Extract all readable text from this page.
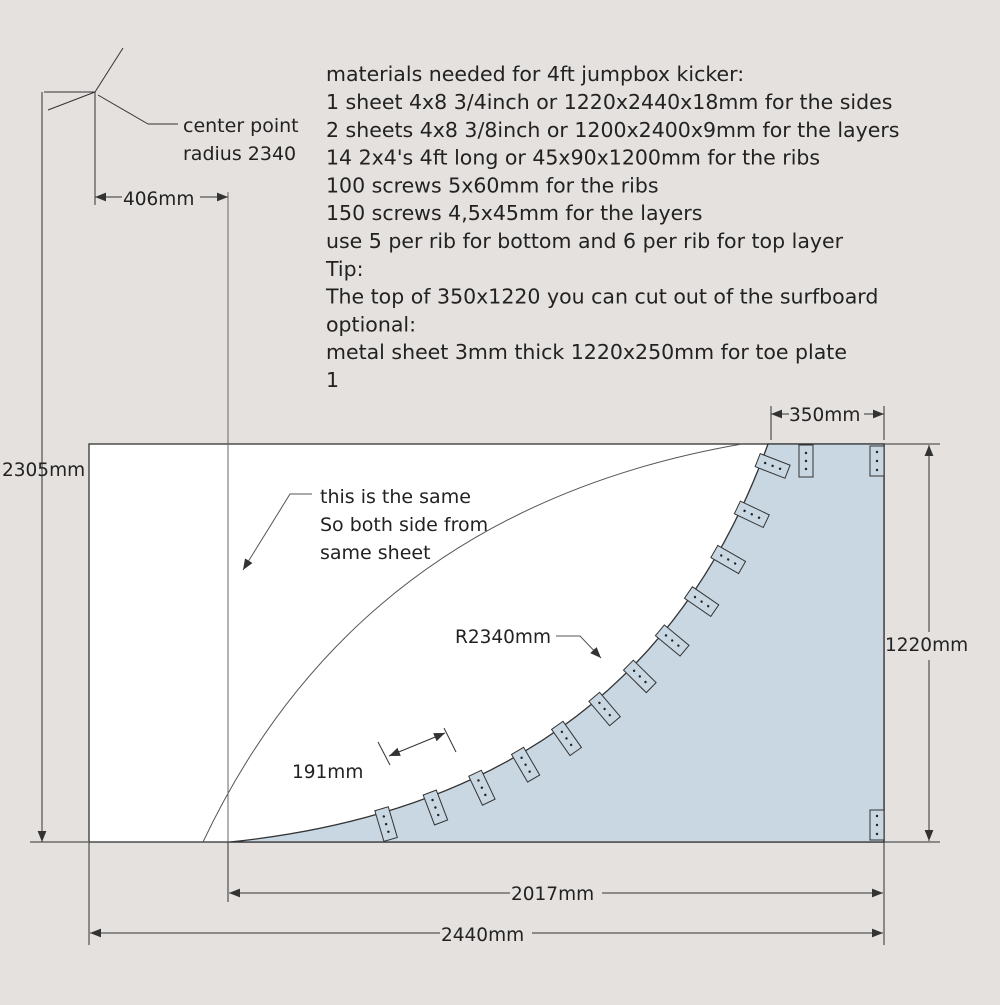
materials needed for 4ft jumpbox kicker:
1 sheet 4x8 3/4inch or 1220x2440x18mm for the sides
2 sheets 4x8 3/8inch or 1200x2400x9mm for the layers
14 2x4's 4ft long or 45x90x1200mm for the ribs
100 screws 5x60mm for the ribs
150 screws 4,5x45mm for the layers
use 5 per rib for bottom and 6 per rib for top layer
Tip:
The top of 350x1220 you can cut out of the surfboard
optional:
metal sheet 3mm thick 1220x250mm for toe plate
1
center point
radius 2340
this is the same
So both side from
same sheet
406mm
2305mm
350mm
1220mm
191mm
R2340mm
2017mm
2440mm
